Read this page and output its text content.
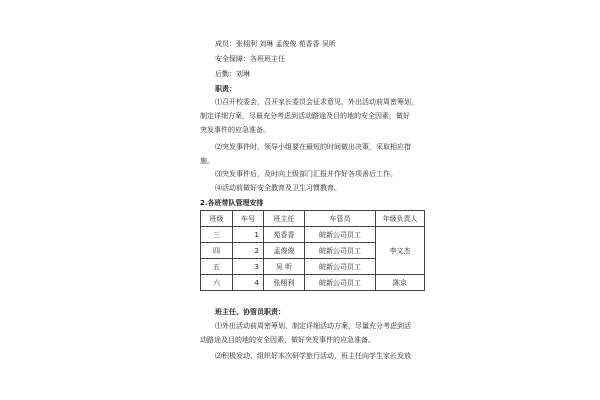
成员：张栩利 刘琳 孟俊俊 苑香香 吴昕
安全保障：各班班主任
后勤：刘琳
职责：
⑴召开校委会，召开家长委员会征求意见，外出活动前周密筹划，
制定详细方案，尽最充分考虑到活动路途及目的地的安全因素，做好
突发事件的应急准备。
⑵突发事件时，领导小组要在最短的时间做出决策，采取相应措
施。
⑶突发事件后，及时向上级部门汇报并作好各项善后工作。
⑷活动前做好安全教育及卫生习惯教育。
2.各班带队管理安排
班级	车号	班主任	车管员	年级负责人
三	1	苑香香	皖新公司员工	李文杰
四	2	孟俊俊	皖新公司员工	
五	3	吴 昕	皖新公司员工	
六	4	张栩利	皖新公司员工	陈京
班主任、协管员职责：
⑴外出活动前周密筹划，制定详细活动方案，尽量充分考虑到活
动路途及目的地的安全因素，做好突发事件的应急准备。
⑵积极发动、组织好本次研学旅行活动，班主任向学生家长发放
